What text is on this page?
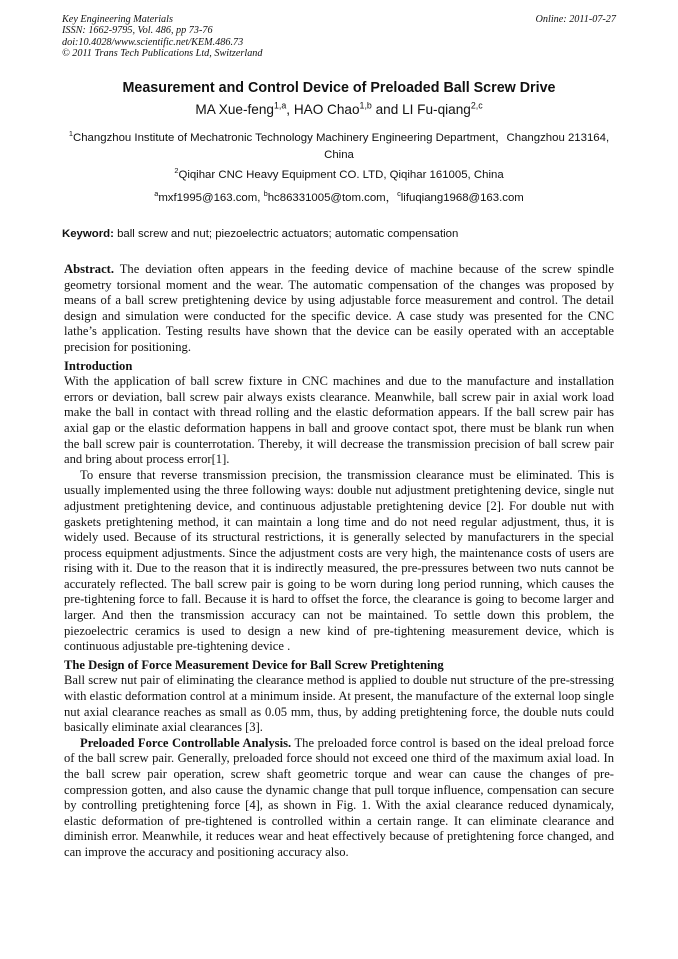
Key Engineering Materials
ISSN: 1662-9795, Vol. 486, pp 73-76
doi:10.4028/www.scientific.net/KEM.486.73
© 2011 Trans Tech Publications Ltd, Switzerland
Online: 2011-07-27
Measurement and Control Device of Preloaded Ball Screw Drive
MA Xue-feng$^{1,a}$, HAO Chao$^{1,b}$ and LI Fu-qiang$^{2,c}$
$^1$Changzhou Institute of Mechatronic Technology Machinery Engineering Department，Changzhou 213164, China
$^2$Qiqihar CNC Heavy Equipment CO. LTD, Qiqihar 161005, China
$^a$mxf1995@163.com, $^b$hc86331005@tom.com，$^c$lifuqiang1968@163.com
Keyword: ball screw and nut; piezoelectric actuators; automatic compensation

Abstract. The deviation often appears in the feeding device of machine because of the screw spindle geometry torsional moment and the wear. The automatic compensation of the changes was proposed by means of a ball screw pretightening device by using adjustable force measurement and control. The detail design and simulation were conducted for the specific device. A case study was presented for the CNC lathe’s application. Testing results have shown that the device can be easily operated with an acceptable precision for positioning.

Introduction

With the application of ball screw fixture in CNC machines and due to the manufacture and installation errors or deviation, ball screw pair always exists clearance. Meanwhile, ball screw pair in axial work load make the ball in contact with thread rolling and the elastic deformation appears. If the ball screw pair has axial gap or the elastic deformation happens in ball and groove contact spot, there must be blank run when the ball screw pair is counterrotation. Thereby, it will decrease the transmission precision of ball screw pair and bring about process error[1].

To ensure that reverse transmission precision, the transmission clearance must be eliminated. This is usually implemented using the three following ways: double nut adjustment pretightening device, single nut adjustment pretightening device, and continuous adjustable pretightening device [2]. For double nut with gaskets pretightening method, it can maintain a long time and do not need regular adjustment, thus, it is widely used. Because of its structural restrictions, it is generally selected by manufacturers in the special process equipment adjustments. Since the adjustment costs are very high, the maintenance costs of users are rising with it. Due to the reason that it is indirectly measured, the pre-pressures between two nuts cannot be accurately reflected. The ball screw pair is going to be worn during long period running, which causes the pre-tightening force to fall. Because it is hard to offset the force, the clearance is going to become larger and larger. And then the transmission accuracy can not be maintained. To settle down this problem, the piezoelectric ceramics is used to design a new kind of pre-tightening measurement device, which is continuous adjustable pre-tightening device .

The Design of Force Measurement Device for Ball Screw Pretightening

Ball screw nut pair of eliminating the clearance method is applied to double nut structure of the pre-stressing with elastic deformation control at a minimum inside. At present, the manufacture of the external loop single nut axial clearance reaches as small as 0.05 mm, thus, by adding pretightening force, the double nuts could basically eliminate axial clearances [3].

Preloaded Force Controllable Analysis. The preloaded force control is based on the ideal preload force of the ball screw pair. Generally, preloaded force should not exceed one third of the maximum axial load. In the ball screw pair operation, screw shaft geometric torque and wear can cause the changes of pre-compression gotten, and also cause the dynamic change that pull torque influence, compensation can secure by controlling pretightening force [4], as shown in Fig. 1. With the axial clearance reduced dynamicaly, elastic deformation of pre-tightened is controlled within a certain range. It can eliminate clearance and diminish error. Meanwhile, it reduces wear and heat effectively because of pretightening force changed, and can improve the accuracy and positioning accuracy also.
